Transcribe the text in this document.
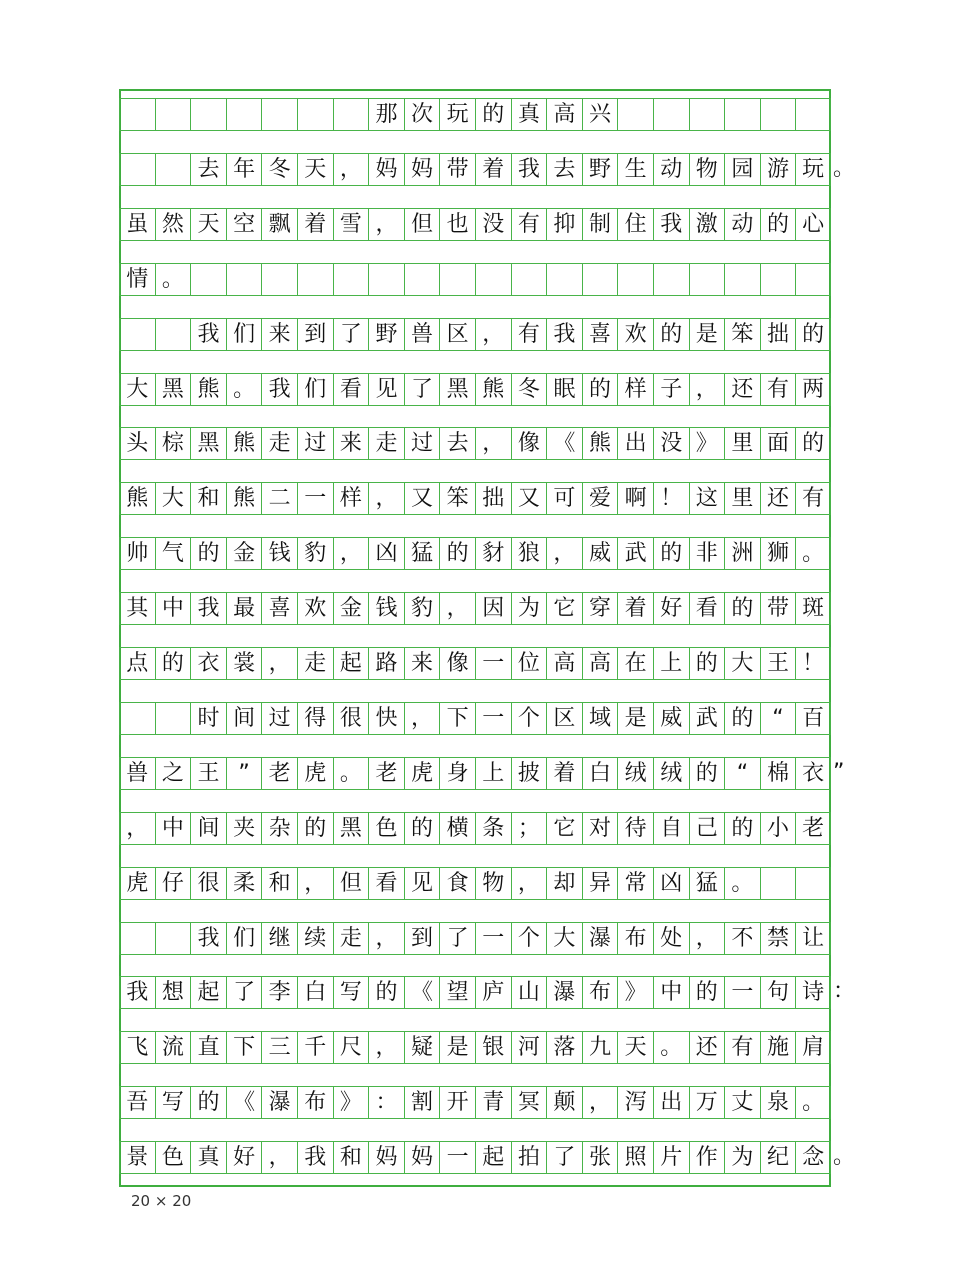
那 次 玩 的 真 高 兴
去 年 冬 天 ， 妈 妈 带 着 我 去 野 生 动 物 园 游 玩 。
虽 然 天 空 飘 着 雪 ， 但 也 没 有 抑 制 住 我 激 动 的 心
情 。
我 们 来 到 了 野 兽 区 ， 有 我 喜 欢 的 是 笨 拙 的
大 黑 熊 。 我 们 看 见 了 黑 熊 冬 眠 的 样 子 ， 还 有 两
头 棕 黑 熊 走 过 来 走 过 去 ， 像 《 熊 出 没 》 里 面 的
熊 大 和 熊 二 一 样 ， 又 笨 拙 又 可 爱 啊 ！ 这 里 还 有
帅 气 的 金 钱 豹 ， 凶 猛 的 豺 狼 ， 威 武 的 非 洲 狮 。
其 中 我 最 喜 欢 金 钱 豹 ， 因 为 它 穿 着 好 看 的 带 斑
点 的 衣 裳 ， 走 起 路 来 像 一 位 高 高 在 上 的 大 王 ！
时 间 过 得 很 快 ， 下 一 个 区 域 是 威 武 的 “ 百
兽 之 王 ” 老 虎 。 老 虎 身 上 披 着 白 绒 绒 的 “ 棉 衣 ”
， 中 间 夹 杂 的 黑 色 的 横 条 ； 它 对 待 自 己 的 小 老
虎 仔 很 柔 和 ， 但 看 见 食 物 ， 却 异 常 凶 猛 。
我 们 继 续 走 ， 到 了 一 个 大 瀑 布 处 ， 不 禁 让
我 想 起 了 李 白 写 的 《 望 庐 山 瀑 布 》 中 的 一 句 诗 ：
飞 流 直 下 三 千 尺 ， 疑 是 银 河 落 九 天 。 还 有 施 肩
吾 写 的 《 瀑 布 》 ： 割 开 青 冥 颠 ， 泻 出 万 丈 泉 。
景 色 真 好 ， 我 和 妈 妈 一 起 拍 了 张 照 片 作 为 纪 念 。
20 × 20
